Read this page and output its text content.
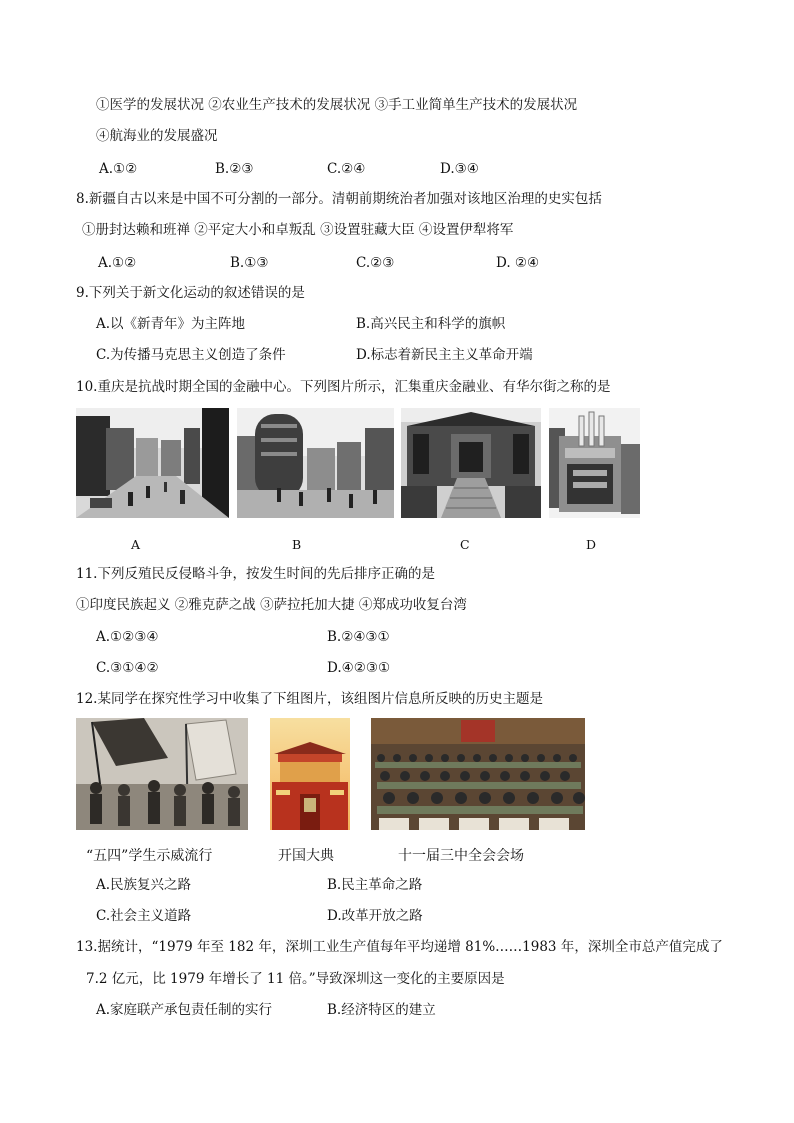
①医学的发展状况 ②农业生产技术的发展状况 ③手工业简单生产技术的发展状况
④航海业的发展盛况
A.①②	B.②③	C.②④	D.③④
8.新疆自古以来是中国不可分割的一部分。清朝前期统治者加强对该地区治理的史实包括
①册封达赖和班禅 ②平定大小和卓叛乱 ③设置驻藏大臣 ④设置伊犁将军
A.①②	B.①③	C.②③	D. ②④
9.下列关于新文化运动的叙述错误的是
A.以《新青年》为主阵地	B.高兴民主和科学的旗帜
C.为传播马克思主义创造了条件	D.标志着新民主主义革命开端
10.重庆是抗战时期全国的金融中心。下列图片所示，汇集重庆金融业、有华尔街之称的是
A	B	C	D
11.下列反殖民反侵略斗争，按发生时间的先后排序正确的是
①印度民族起义 ②雅克萨之战 ③萨拉托加大捷 ④郑成功收复台湾
A.①②③④	B.②④③①
C.③①④②	D.④②③①
12.某同学在探究性学习中收集了下组图片，该组图片信息所反映的历史主题是
“五四”学生示威流行	开国大典	十一届三中全会会场
A.民族复兴之路	B.民主革命之路
C.社会主义道路	D.改革开放之路
13.据统计，“1979 年至 182 年，深圳工业生产值每年平均递增 81%……1983 年，深圳全市总产值完成了
7.2 亿元，比 1979 年增长了 11 倍。”导致深圳这一变化的主要原因是
A.家庭联产承包责任制的实行	B.经济特区的建立
